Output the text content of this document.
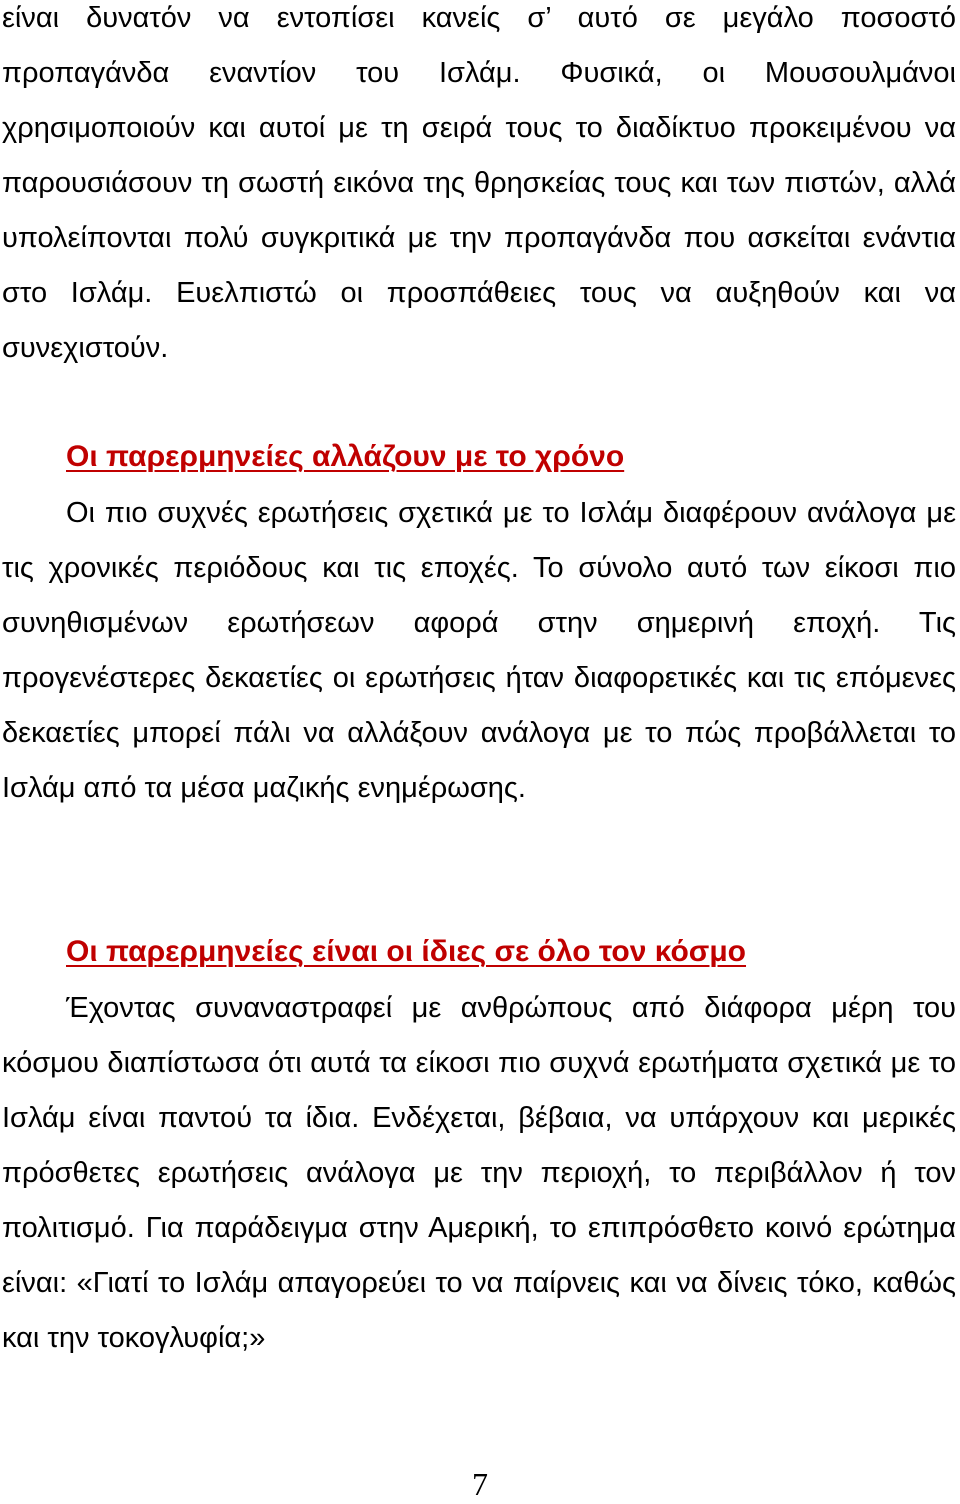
είναι δυνατόν να εντοπίσει κανείς σ’ αυτό σε μεγάλο ποσοστό προπαγάνδα εναντίον του Ισλάμ. Φυσικά, οι Μουσουλμάνοι χρησιμοποιούν και αυτοί με τη σειρά τους το διαδίκτυο προκειμένου να παρουσιάσουν τη σωστή εικόνα της θρησκείας τους και των πιστών, αλλά υπολείπονται πολύ συγκριτικά με την προπαγάνδα που ασκείται ενάντια στο Ισλάμ. Ευελπιστώ οι προσπάθειες τους να αυξηθούν και να συνεχιστούν.

Οι παρερμηνείες αλλάζουν με το χρόνο

Οι πιο συχνές ερωτήσεις σχετικά με το Ισλάμ διαφέρουν ανάλογα με τις χρονικές περιόδους και τις εποχές. Το σύνολο αυτό των είκοσι πιο συνηθισμένων ερωτήσεων αφορά στην σημερινή εποχή. Τις προγενέστερες δεκαετίες οι ερωτήσεις ήταν διαφορετικές και τις επόμενες δεκαετίες μπορεί πάλι να αλλάξουν ανάλογα με το πώς προβάλλεται το Ισλάμ από τα μέσα μαζικής ενημέρωσης.

Οι παρερμηνείες είναι οι ίδιες σε όλο τον κόσμο

Έχοντας συναναστραφεί με ανθρώπους από διάφορα μέρη του κόσμου διαπίστωσα ότι αυτά τα είκοσι πιο συχνά ερωτήματα σχετικά με το Ισλάμ είναι παντού τα ίδια. Ενδέχεται, βέβαια, να υπάρχουν και μερικές πρόσθετες ερωτήσεις ανάλογα με την περιοχή, το περιβάλλον ή τον πολιτισμό. Για παράδειγμα στην Αμερική, το επιπρόσθετο κοινό ερώτημα είναι: «Γιατί το Ισλάμ απαγορεύει το να παίρνεις και να δίνεις τόκο, καθώς και την τοκογλυφία;»

7
